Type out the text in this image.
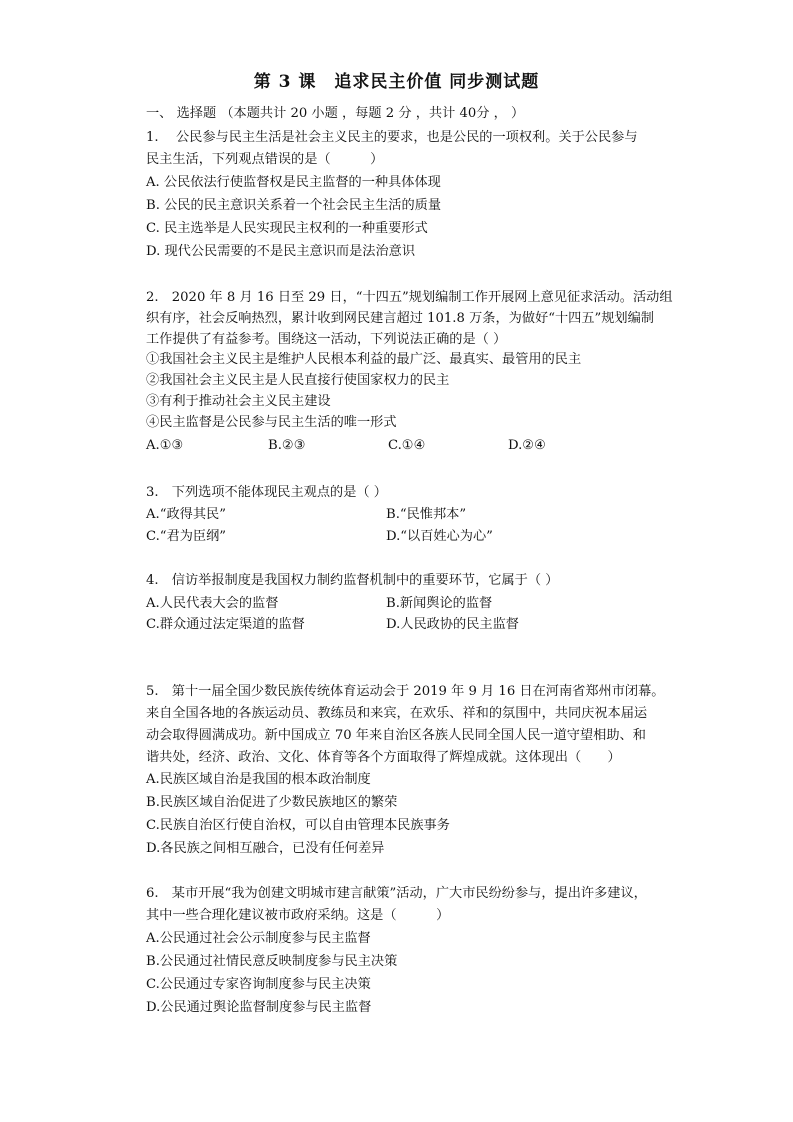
第 3 课　追求民主价值 同步测试题
一、 选择题 （本题共计 20 小题 ，每题 2 分 ，共计 40分 ， ）
1.　 公民参与民主生活是社会主义民主的要求，也是公民的一项权利。关于公民参与
民主生活，下列观点错误的是（　　　）
A. 公民依法行使监督权是民主监督的一种具体体现
B. 公民的民主意识关系着一个社会民主生活的质量
C. 民主选举是人民实现民主权利的一种重要形式
D. 现代公民需要的不是民主意识而是法治意识
2.　2020 年 8 月 16 日至 29 日，“十四五”规划编制工作开展网上意见征求活动。活动组
织有序，社会反响热烈，累计收到网民建言超过 101.8 万条，为做好“十四五”规划编制
工作提供了有益参考。围绕这一活动，下列说法正确的是（ ）
①我国社会主义民主是维护人民根本利益的最广泛、最真实、最管用的民主
②我国社会主义民主是人民直接行使国家权力的民主
③有利于推动社会主义民主建设
④民主监督是公民参与民主生活的唯一形式
A.①③	B.②③	C.①④	D.②④
3.　下列选项不能体现民主观点的是（ ）
A.“政得其民”	B.“民惟邦本”
C.“君为臣纲”	D.“以百姓心为心”
4.　信访举报制度是我国权力制约监督机制中的重要环节，它属于（ ）
A.人民代表大会的监督	B.新闻舆论的监督
C.群众通过法定渠道的监督	D.人民政协的民主监督
5.　第十一届全国少数民族传统体育运动会于 2019 年 9 月 16 日在河南省郑州市闭幕。
来自全国各地的各族运动员、教练员和来宾，在欢乐、祥和的氛围中，共同庆祝本届运
动会取得圆满成功。新中国成立 70 年来自治区各族人民同全国人民一道守望相助、和
谐共处，经济、政治、文化、体育等各个方面取得了辉煌成就。这体现出（　　）
A.民族区域自治是我国的根本政治制度
B.民族区域自治促进了少数民族地区的繁荣
C.民族自治区行使自治权，可以自由管理本民族事务
D.各民族之间相互融合，已没有任何差异
6.　某市开展“我为创建文明城市建言献策”活动，广大市民纷纷参与，提出许多建议，
其中一些合理化建议被市政府采纳。这是（　　　）
A.公民通过社会公示制度参与民主监督
B.公民通过社情民意反映制度参与民主决策
C.公民通过专家咨询制度参与民主决策
D.公民通过舆论监督制度参与民主监督
